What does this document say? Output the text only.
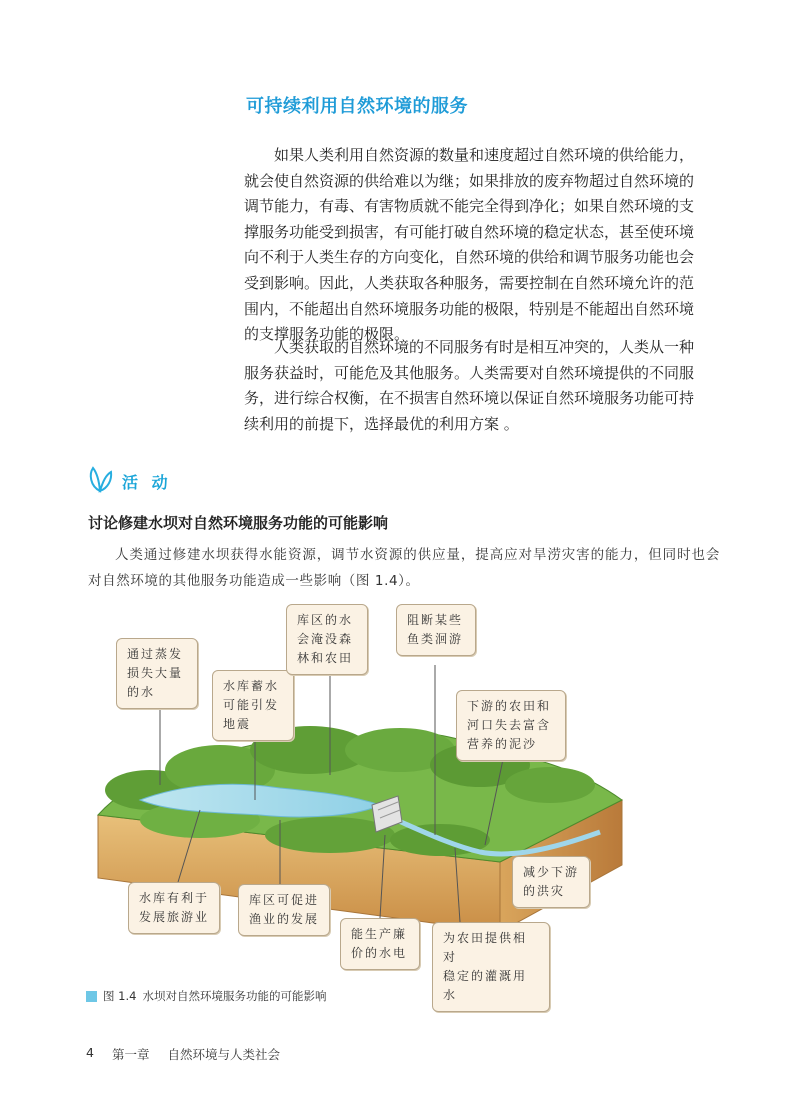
可持续利用自然环境的服务

如果人类利用自然资源的数量和速度超过自然环境的供给能力，就会使自然资源的供给难以为继；如果排放的废弃物超过自然环境的调节能力，有毒、有害物质就不能完全得到净化；如果自然环境的支撑服务功能受到损害，有可能打破自然环境的稳定状态，甚至使环境向不利于人类生存的方向变化，自然环境的供给和调节服务功能也会受到影响。因此，人类获取各种服务，需要控制在自然环境允许的范围内，不能超出自然环境服务功能的极限，特别是不能超出自然环境的支撑服务功能的极限。

人类获取的自然环境的不同服务有时是相互冲突的，人类从一种服务获益时，可能危及其他服务。人类需要对自然环境提供的不同服务，进行综合权衡，在不损害自然环境以保证自然环境服务功能可持续利用的前提下，选择最优的利用方案 。

活 动
讨论修建水坝对自然环境服务功能的可能影响

人类通过修建水坝获得水能资源，调节水资源的供应量，提高应对旱涝灾害的能力，但同时也会对自然环境的其他服务功能造成一些影响（图 1.4）。

通过蒸发
损失大量
的水	水库蓄水
可能引发
地震
库区的水
会淹没森
林和农田
阻断某些
鱼类洄游
下游的农田和
河口失去富含
营养的泥沙
减少下游
的洪灾
水库有利于
发展旅游业
库区可促进
渔业的发展
能生产廉
价的水电
为农田提供相对
稳定的灌溉用水
图 1.4 水坝对自然环境服务功能的可能影响
4 第一章 自然环境与人类社会
